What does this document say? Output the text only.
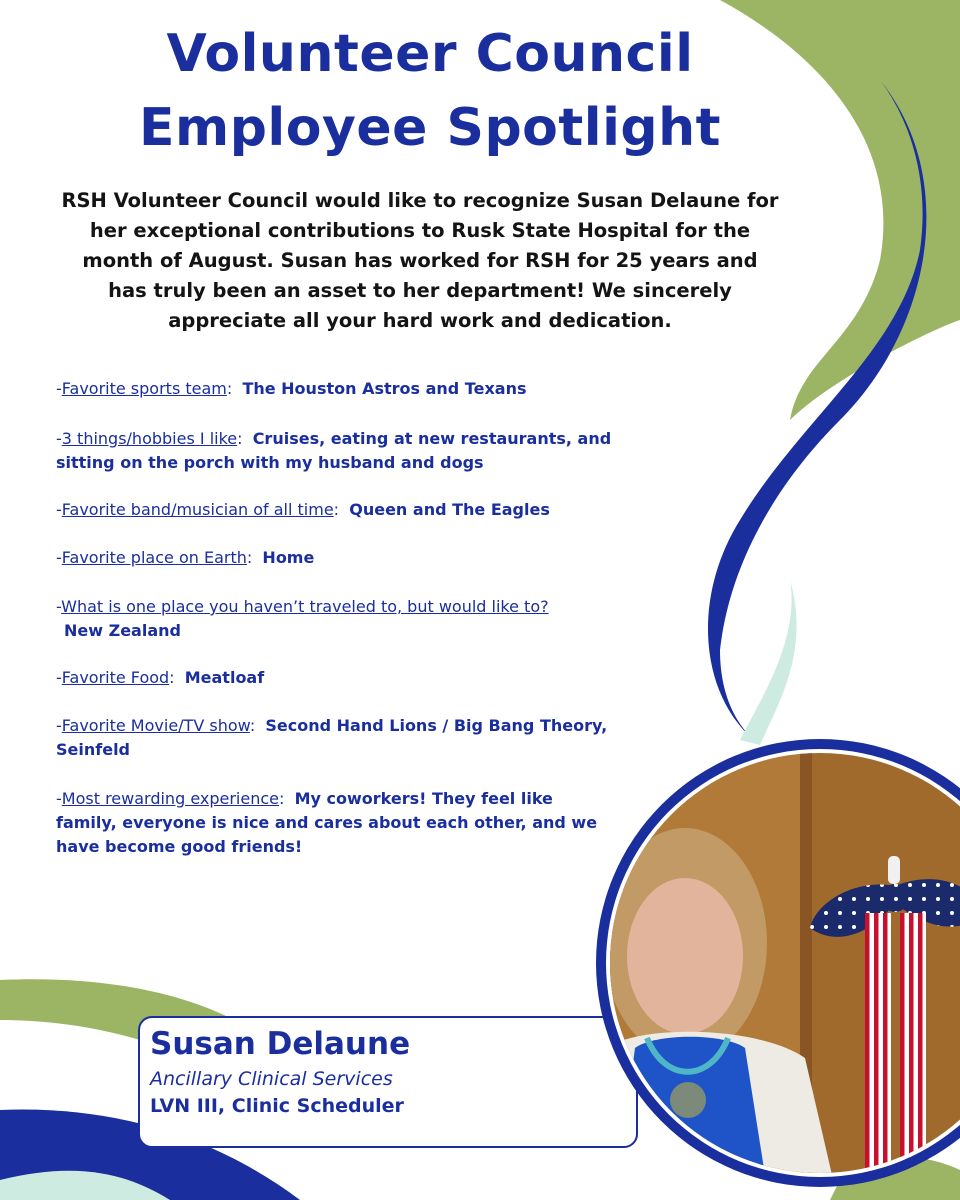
Volunteer Council
Employee Spotlight
RSH Volunteer Council would like to recognize Susan Delaune for her exceptional contributions to Rusk State Hospital for the month of August. Susan has worked for RSH for 25 years and has truly been an asset to her department! We sincerely appreciate all your hard work and dedication.
-Favorite sports team:  The Houston Astros and Texans
-3 things/hobbies I like:  Cruises, eating at new restaurants, and sitting on the porch with my husband and dogs
-Favorite band/musician of all time:  Queen and The Eagles
-Favorite place on Earth:  Home
-What is one place you haven’t traveled to, but would like to?
New Zealand
-Favorite Food:  Meatloaf
-Favorite Movie/TV show:  Second Hand Lions / Big Bang Theory, Seinfeld
-Most rewarding experience:  My coworkers! They feel like family, everyone is nice and cares about each other, and we have become good friends!
Susan Delaune
Ancillary Clinical Services
LVN III, Clinic Scheduler
